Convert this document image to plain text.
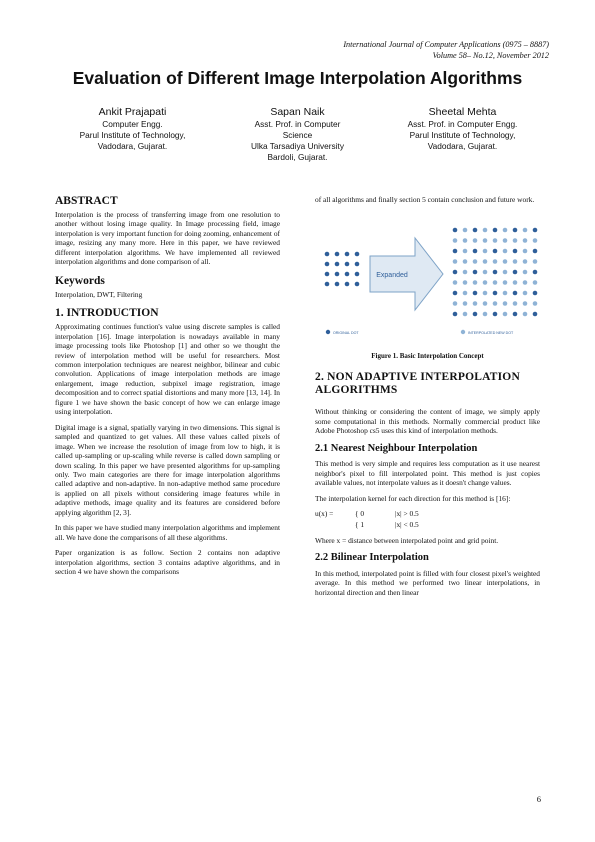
International Journal of Computer Applications (0975 – 8887)
Volume 58– No.12, November 2012
Evaluation of Different Image Interpolation Algorithms
Ankit Prajapati
Computer Engg.
Parul Institute of Technology,
Vadodara, Gujarat.
Sapan Naik
Asst. Prof. in Computer
Science
Ulka Tarsadiya University
Bardoli, Gujarat.
Sheetal Mehta
Asst. Prof. in Computer Engg.
Parul Institute of Technology,
Vadodara, Gujarat.
ABSTRACT

Interpolation is the process of transferring image from one resolution to another without losing image quality. In Image processing field, image interpolation is very important function for doing zooming, enhancement of image, resizing any many more. Here in this paper, we have reviewed different interpolation algorithms. We have implemented all reviewed interpolation algorithms and done comparison of all.

Keywords

Interpolation, DWT, Filtering

1. INTRODUCTION

Approximating continues function's value using discrete samples is called interpolation [16]. Image interpolation is nowadays available in many image processing tools like Photoshop [1] and other so we thought the review of interpolation method will be useful for researchers. Most common interpolation techniques are nearest neighbor, bilinear and cubic convolution. Applications of image interpolation methods are image enlargement, image reduction, subpixel image registration, image decomposition and to correct spatial distortions and many more [13, 14]. In figure 1 we have shown the basic concept of how we can enlarge image using interpolation.

Digital image is a signal, spatially varying in two dimensions. This signal is sampled and quantized to get values. All these values called pixels of image. When we increase the resolution of image from low to high, it is called up-sampling or up-scaling while reverse is called down sampling or down scaling. In this paper we have presented algorithms for up-sampling only. Two main categories are there for image interpolation algorithms called adaptive and non-adaptive. In non-adaptive method same procedure is applied on all pixels without considering image features while in adaptive methods, image quality and its features are considered before applying algorithm [2, 3].

In this paper we have studied many interpolation algorithms and implement all. We have done the comparisons of all these algorithms.

Paper organization is as follow. Section 2 contains non adaptive interpolation algorithms, section 3 contains adaptive algorithms, and in section 4 we have shown the comparisons

of all algorithms and finally section 5 contain conclusion and future work.

Expanded
ORIGINAL DOT	INTERPOLATED NEW DOT
Figure 1. Basic Interpolation Concept
2. NON ADAPTIVE INTERPOLATION ALGORITHMS

Without thinking or considering the content of image, we simply apply some computational in this methods. Normally commercial product like Adobe Photoshop cs5 uses this kind of interpolation methods.

2.1 Nearest Neighbour Interpolation

This method is very simple and requires less computation as it use nearest neighbor's pixel to fill interpolated point. This method is just copies available values, not interpolate values as it doesn't change values.

The interpolation kernel for each direction for this method is [16]:

u(x) =	{ 0	|x| > 0.5
{ 1	|x| < 0.5

Where x = distance between interpolated point and grid point.

2.2 Bilinear Interpolation

In this method, interpolated point is filled with four closest pixel's weighted average. In this method we performed two linear interpolations, in horizontal direction and then linear

6
